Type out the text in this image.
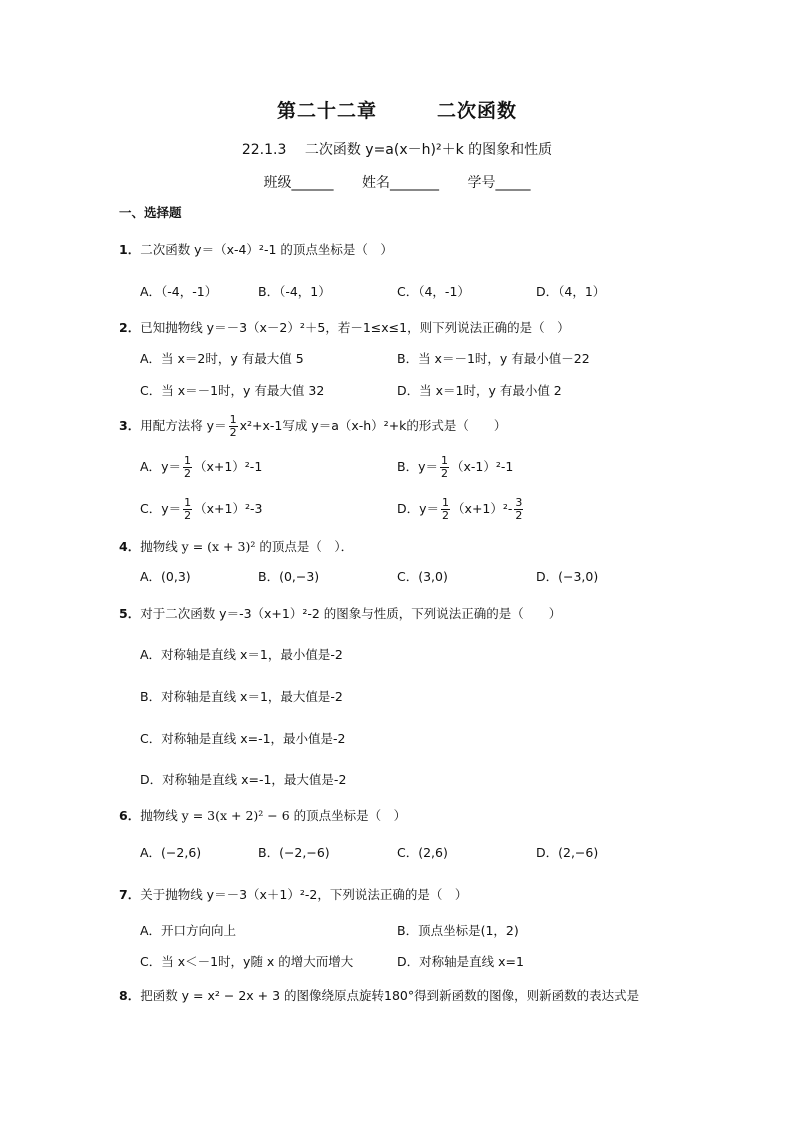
第二十二章	二次函数
22.1.3　 二次函数 y=a(x－h)²＋k 的图象和性质
班级______ 姓名_______ 学号_____
一、选择题
1．二次函数 y＝（x-4）²-1 的顶点坐标是（　）
A．（-4，-1）	B．（-4，1）	C．（4，-1）	D．（4，1）
2．已知抛物线 y＝－3（x－2）²＋5，若－1≤x≤1，则下列说法正确的是（　）
A．当 x＝2时，y 有最大值 5	B．当 x＝－1时，y 有最小值－22
C．当 x＝－1时，y 有最大值 32	D．当 x＝1时，y 有最小值 2
3．用配方法将 $y= \frac{1}{2} x^2+x-1$写成 y＝a（x-h）²+k的形式是（　　）
A．$y= \frac{1}{2} (x+1)^2-1$	B．$y= \frac{1}{2} (x-1)^2-1$
C．$y= \frac{1}{2} (x+1)^2-3$	D．$y= \frac{1}{2} (x+1)^2- \frac{3}{2}$
4．抛物线 y = (x + 3)² 的顶点是（　）．
A．(0,3)	B．(0,−3)	C．(3,0)	D．(−3,0)
5．对于二次函数 y＝-3（x+1）²-2 的图象与性质，下列说法正确的是（　　）
A．对称轴是直线 x＝1，最小值是-2
B．对称轴是直线 x＝1，最大值是-2
C．对称轴是直线 x=-1，最小值是-2
D．对称轴是直线 x=-1，最大值是-2
6．抛物线 y = 3(x + 2)² − 6 的顶点坐标是（　）
A．(−2,6)	B．(−2,−6)	C．(2,6)	D．(2,−6)
7．关于抛物线 y＝－3（x＋1）²-2，下列说法正确的是（　）
A．开口方向向上	B．顶点坐标是(1，2)
C．当 x＜－1时，y随 x 的增大而增大	D．对称轴是直线 x=1
8．把函数 y = x² − 2x + 3 的图像绕原点旋转180°得到新函数的图像，则新函数的表达式是
